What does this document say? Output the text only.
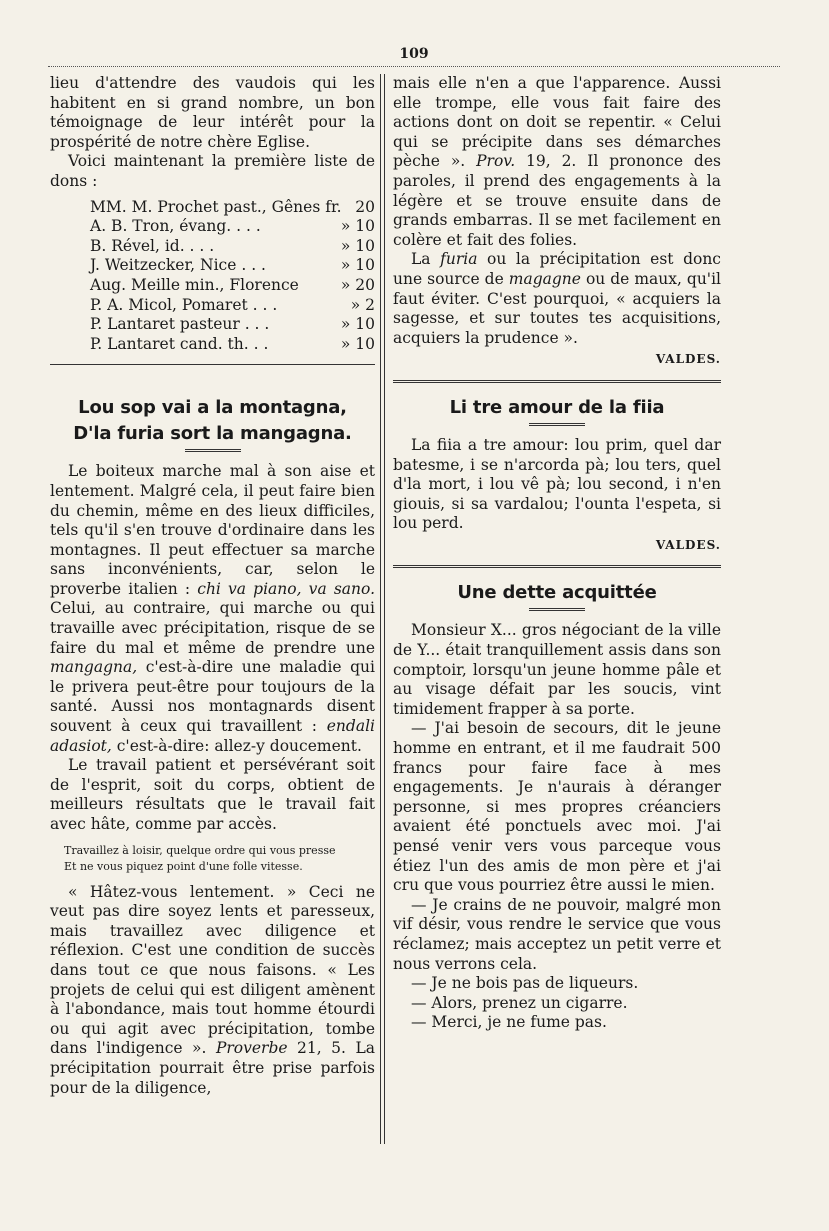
109

lieu d'attendre des vaudois qui les habitent en si grand nombre, un bon témoignage de leur intérêt pour la prospérité de notre chère Eglise.

Voici maintenant la première liste de dons :

MM. M. Prochet past., Gênes fr. 20
A. B. Tron, évang. . . .	» 10
B. Rével, id. . . .	» 10
J. Weitzecker, Nice . . .	» 10
Aug. Meille min., Florence	» 20
P. A. Micol, Pomaret . . .	» 2
P. Lantaret pasteur . . .	» 10
P. Lantaret cand. th. . .	» 10
Lou sop vai a la montagna,
D'la furia sort la mangagna.

Le boiteux marche mal à son aise et lentement. Malgré cela, il peut faire bien du chemin, même en des lieux difficiles, tels qu'il s'en trouve d'ordinaire dans les montagnes. Il peut effectuer sa marche sans inconvénients, car, selon le proverbe italien : chi va piano, va sano. Celui, au contraire, qui marche ou qui travaille avec précipitation, risque de se faire du mal et même de prendre une mangagna, c'est-à-dire une maladie qui le privera peut-être pour toujours de la santé. Aussi nos montagnards disent souvent à ceux qui travaillent : endali adasiot, c'est-à-dire: allez-y doucement.

Le travail patient et persévérant soit de l'esprit, soit du corps, obtient de meilleurs résultats que le travail fait avec hâte, comme par accès.

Travaillez à loisir, quelque ordre qui vous presse
Et ne vous piquez point d'une folle vitesse.

« Hâtez-vous lentement. » Ceci ne veut pas dire soyez lents et paresseux, mais travaillez avec diligence et réflexion. C'est une condition de succès dans tout ce que nous faisons. « Les projets de celui qui est diligent amènent à l'abondance, mais tout homme étourdi ou qui agit avec précipitation, tombe dans l'indigence ». Proverbe 21, 5. La précipitation pourrait être prise parfois pour de la diligence,

mais elle n'en a que l'apparence. Aussi elle trompe, elle vous fait faire des actions dont on doit se repentir. « Celui qui se précipite dans ses démarches pèche ». Prov. 19, 2. Il prononce des paroles, il prend des engagements à la légère et se trouve ensuite dans de grands embarras. Il se met facilement en colère et fait des folies.

La furia ou la précipitation est donc une source de magagne ou de maux, qu'il faut éviter. C'est pourquoi, « acquiers la sagesse, et sur toutes tes acquisitions, acquiers la prudence ».

VALDES.
Li tre amour de la fiia

La fiia a tre amour: lou prim, quel dar batesme, i se n'arcorda pà; lou ters, quel d'la mort, i lou vê pà; lou second, i n'en giouis, si sa vardalou; l'ounta l'espeta, si lou perd.

VALDES.
Une dette acquittée

Monsieur X... gros négociant de la ville de Y... était tranquillement assis dans son comptoir, lorsqu'un jeune homme pâle et au visage défait par les soucis, vint timidement frapper à sa porte.

— J'ai besoin de secours, dit le jeune homme en entrant, et il me faudrait 500 francs pour faire face à mes engagements. Je n'aurais à déranger personne, si mes propres créanciers avaient été ponctuels avec moi. J'ai pensé venir vers vous parceque vous étiez l'un des amis de mon père et j'ai cru que vous pourriez être aussi le mien.

— Je crains de ne pouvoir, malgré mon vif désir, vous rendre le service que vous réclamez; mais acceptez un petit verre et nous verrons cela.

— Je ne bois pas de liqueurs.

— Alors, prenez un cigarre.

— Merci, je ne fume pas.
